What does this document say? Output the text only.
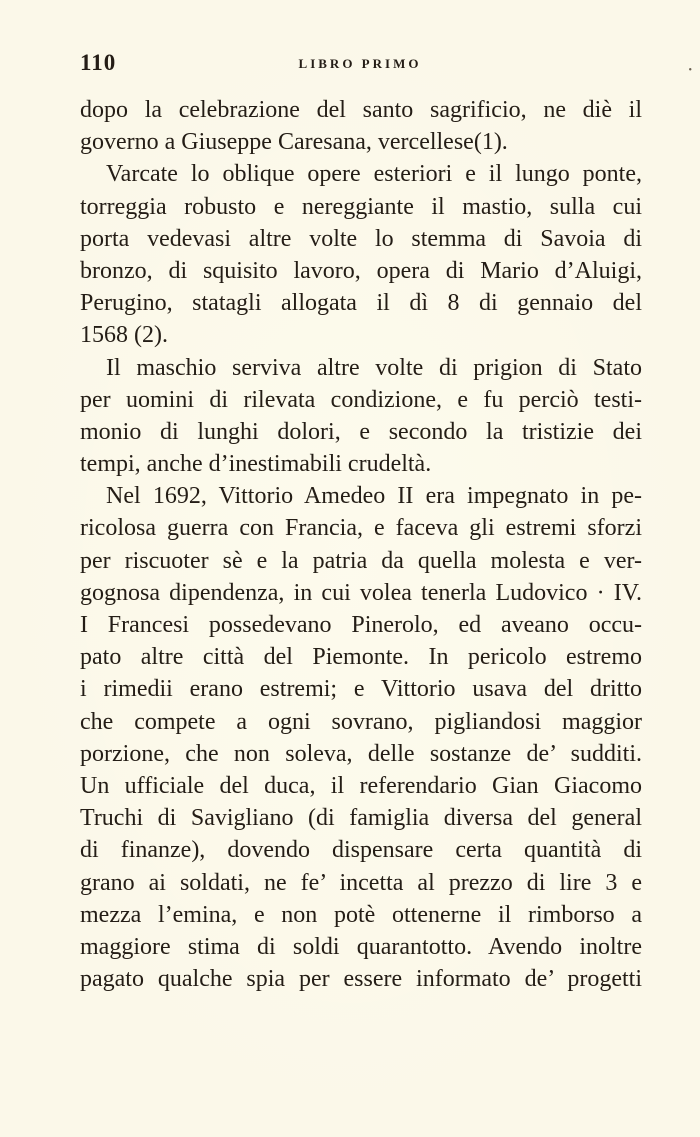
110	LIBRO PRIMO	•
dopo la celebrazione del santo sagrificio, ne diè il
governo a Giuseppe Caresana, vercellese(1).
Varcate lo oblique opere esteriori e il lungo ponte,
torreggia robusto e nereggiante il mastio, sulla cui
porta vedevasi altre volte lo stemma di Savoia di
bronzo, di squisito lavoro, opera di Mario d’Aluigi,
Perugino, statagli allogata il dì 8 di gennaio del
1568 (2).
Il maschio serviva altre volte di prigion di Stato
per uomini di rilevata condizione, e fu perciò testi-
monio di lunghi dolori, e secondo la tristizie dei
tempi, anche d’inestimabili crudeltà.
Nel 1692, Vittorio Amedeo II era impegnato in pe-
ricolosa guerra con Francia, e faceva gli estremi sforzi
per riscuoter sè e la patria da quella molesta e ver-
gognosa dipendenza, in cui volea tenerla Ludovico · IV.
I Francesi possedevano Pinerolo, ed aveano occu-
pato altre città del Piemonte. In pericolo estremo
i rimedii erano estremi; e Vittorio usava del dritto
che compete a ogni sovrano, pigliandosi maggior
porzione, che non soleva, delle sostanze de’ sudditi.
Un ufficiale del duca, il referendario Gian Giacomo
Truchi di Savigliano (di famiglia diversa del general
di finanze), dovendo dispensare certa quantità di
grano ai soldati, ne fe’ incetta al prezzo di lire 3 e
mezza l’emina, e non potè ottenerne il rimborso a
maggiore stima di soldi quarantotto. Avendo inoltre
pagato qualche spia per essere informato de’ progetti
